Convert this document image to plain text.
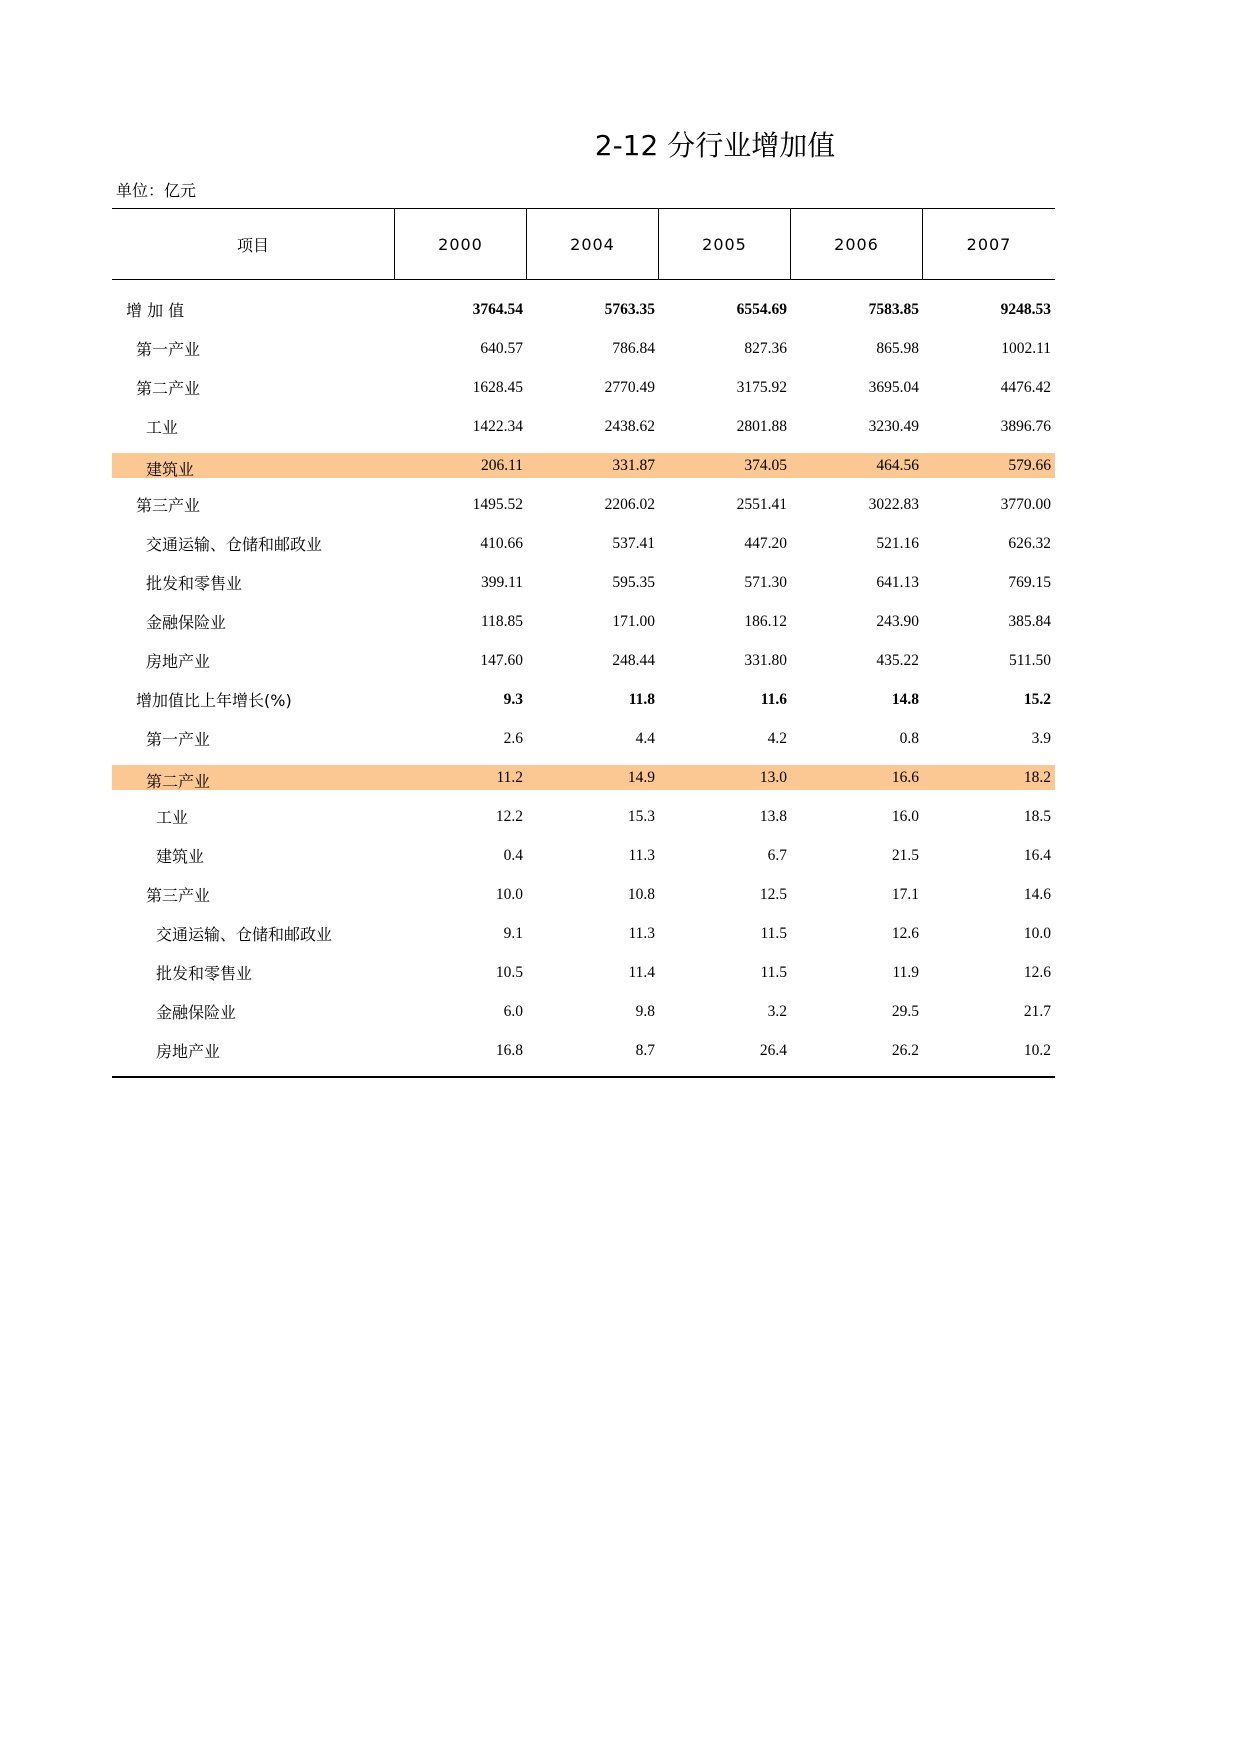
2-12 分行业增加值
单位：亿元
项目	2000	2004	2005	2006	2007
增 加 值	3764.54	5763.35	6554.69	7583.85	9248.53
第一产业	640.57	786.84	827.36	865.98	1002.11
第二产业	1628.45	2770.49	3175.92	3695.04	4476.42
工业	1422.34	2438.62	2801.88	3230.49	3896.76
建筑业	206.11	331.87	374.05	464.56	579.66
第三产业	1495.52	2206.02	2551.41	3022.83	3770.00
交通运输、仓储和邮政业	410.66	537.41	447.20	521.16	626.32
批发和零售业	399.11	595.35	571.30	641.13	769.15
金融保险业	118.85	171.00	186.12	243.90	385.84
房地产业	147.60	248.44	331.80	435.22	511.50
增加值比上年增长(%)	9.3	11.8	11.6	14.8	15.2
第一产业	2.6	4.4	4.2	0.8	3.9
第二产业	11.2	14.9	13.0	16.6	18.2
工业	12.2	15.3	13.8	16.0	18.5
建筑业	0.4	11.3	6.7	21.5	16.4
第三产业	10.0	10.8	12.5	17.1	14.6
交通运输、仓储和邮政业	9.1	11.3	11.5	12.6	10.0
批发和零售业	10.5	11.4	11.5	11.9	12.6
金融保险业	6.0	9.8	3.2	29.5	21.7
房地产业	16.8	8.7	26.4	26.2	10.2
